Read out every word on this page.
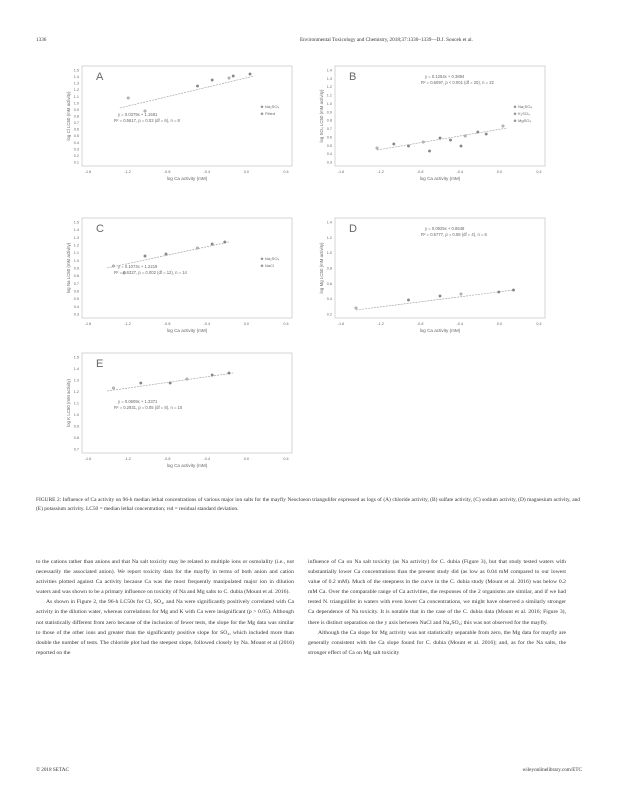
1336	Environmental Toxicology and Chemistry, 2018;37:1330–1339—D.J. Soucek et al.
A
1.5
1.4
1.3
1.2
1.1
1.0
0.9
0.8
0.7
0.6
0.5
0.4
0.3
0.2
0.1
-1.6	-1.2	-0.8	-0.4	0.0	0.4
log Ca activity (mM)
log Cl LC50 (mM activity)	y = 0.0379x + 1.1591
R² = 0.5617, p = 0.03 (df = 6), n = 8
Na₂SO₄
Fitted
B
1.4
1.3
1.2
1.1
1.0
0.9
0.8
0.7
0.6
0.5
0.4
0.3
-1.6	-1.2	-0.8	-0.4	0.0	0.4
log Ca activity (mM)
log SO₄ LC50 (mM activity)
y = 0.1254x + 0.3894
R² = 0.6097, p < 0.001 (df = 20), n = 22
Na₂SO₄
K₂SO₄
MgSO₄
C
1.5
1.4
1.3
1.2
1.1
1.0
0.9
0.8
0.7
0.6
0.5
0.4
0.3
-1.6	-1.2	-0.8	-0.4	0.0	0.4
log Ca activity (mM)
log Na LC50 (mM activity)	y = 0.1074x + 1.2219
R² = 0.6327, p = 0.002 (df = 12), n = 14
Na₂SO₄
NaCl
D
1.4
1.2
1.0
0.8
0.6
0.4
0.2
-1.6	-1.2	-0.8	-0.4	0.0	0.4
log Ca activity (mM)
log Mg LC50 (mM activity)
y = 0.0925x + 0.8548
R² = 0.5777, p = 0.08 (df = 4), n = 6
E
1.5
1.4
1.3
1.2
1.1
1.0
0.9
0.8
0.7
-1.6	-1.2	-0.8	-0.4	0.0	0.4
log Ca activity (mM)
log K LC50 (mM activity)	y = 0.0609x + 1.3371
R² = 0.2931, p = 0.05 (df = 8), n = 10
FIGURE 2: Influence of Ca activity on 96-h median lethal concentrations of various major ion salts for the mayfly Neocloeon triangulifer expressed as logs of (A) chloride activity, (B) sulfate activity, (C) sodium activity, (D) magnesium activity, and (E) potassium activity. LC50 = median lethal concentration; rsd = residual standard deviation.

to the cations rather than anions and that Na salt toxicity may be related to multiple ions or osmolality (i.e., not necessarily the associated anion). We report toxicity data for the mayfly in terms of both anion and cation activities plotted against Ca activity because Ca was the most frequently manipulated major ion in dilution waters and was shown to be a primary influence on toxicity of Na and Mg salts to C. dubia (Mount et al. 2016).

As shown in Figure 2, the 96-h LC50s for Cl, SO₄, and Na were significantly positively correlated with Ca activity in the dilution water, whereas correlations for Mg and K with Ca were insignificant (p > 0.05). Although not statistically different from zero because of the inclusion of fewer tests, the slope for the Mg data was similar to those of the other ions and greater than the significantly positive slope for SO₄, which included more than double the number of tests. The chloride plot had the steepest slope, followed closely by Na. Mount et al (2016) reported on the

influence of Ca on Na salt toxicity (as Na activity) for C. dubia (Figure 3), but that study tested waters with substantially lower Ca concentrations than the present study did (as low as 0.04 mM compared to our lowest value of 0.2 mM). Much of the steepness in the curve in the C. dubia study (Mount et al. 2016) was below 0.2 mM Ca. Over the comparable range of Ca activities, the responses of the 2 organisms are similar, and if we had tested N. triangulifer in waters with even lower Ca concentrations, we might have observed a similarly stronger Ca dependence of Na toxicity. It is notable that in the case of the C. dubia data (Mount et al. 2016; Figure 3), there is distinct separation on the y axis between NaCl and Na₂SO₄; this was not observed for the mayfly.

Although the Ca slope for Mg activity was not statistically separable from zero, the Mg data for mayfly are generally consistent with the Ca slope found for C. dubia (Mount et al. 2016); and, as for the Na salts, the stronger effect of Ca on Mg salt toxicity

© 2018 SETAC	wileyonlinelibrary.com/ETC
